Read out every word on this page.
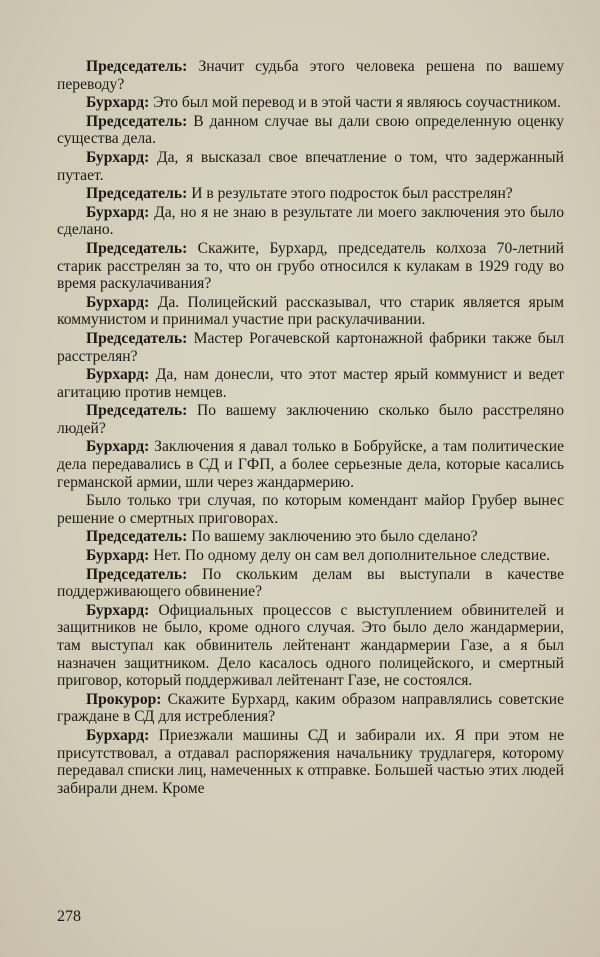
Председатель: Значит судьба этого человека решена по вашему переводу?

Бурхард: Это был мой перевод и в этой части я являюсь соучастником.

Председатель: В данном случае вы дали свою определенную оценку существа дела.

Бурхард: Да, я высказал свое впечатление о том, что задержанный путает.

Председатель: И в результате этого подросток был расстрелян?

Бурхард: Да, но я не знаю в результате ли моего заключения это было сделано.

Председатель: Скажите, Бурхард, председатель колхоза 70-летний старик расстрелян за то, что он грубо относился к кулакам в 1929 году во время раскулачивания?

Бурхард: Да. Полицейский рассказывал, что старик является ярым коммунистом и принимал участие при раскулачивании.

Председатель: Мастер Рогачевской картонажной фабрики также был расстрелян?

Бурхард: Да, нам донесли, что этот мастер ярый коммунист и ведет агитацию против немцев.

Председатель: По вашему заключению сколько было расстреляно людей?

Бурхард: Заключения я давал только в Бобруйске, а там политические дела передавались в СД и ГФП, а более серьезные дела, которые касались германской армии, шли через жандармерию.

Было только три случая, по которым комендант майор Грубер вынес решение о смертных приговорах.

Председатель: По вашему заключению это было сделано?

Бурхард: Нет. По одному делу он сам вел дополнительное следствие.

Председатель: По скольким делам вы выступали в качестве поддерживающего обвинение?

Бурхард: Официальных процессов с выступлением обвинителей и защитников не было, кроме одного случая. Это было дело жандармерии, там выступал как обвинитель лейтенант жандармерии Газе, а я был назначен защитником. Дело касалось одного полицейского, и смертный приговор, который поддерживал лейтенант Газе, не состоялся.

Прокурор: Скажите Бурхард, каким образом направлялись советские граждане в СД для истребления?

Бурхард: Приезжали машины СД и забирали их. Я при этом не присутствовал, а отдавал распоряжения начальнику трудлагеря, которому передавал списки лиц, намеченных к отправке. Большей частью этих людей забирали днем. Кроме

278
